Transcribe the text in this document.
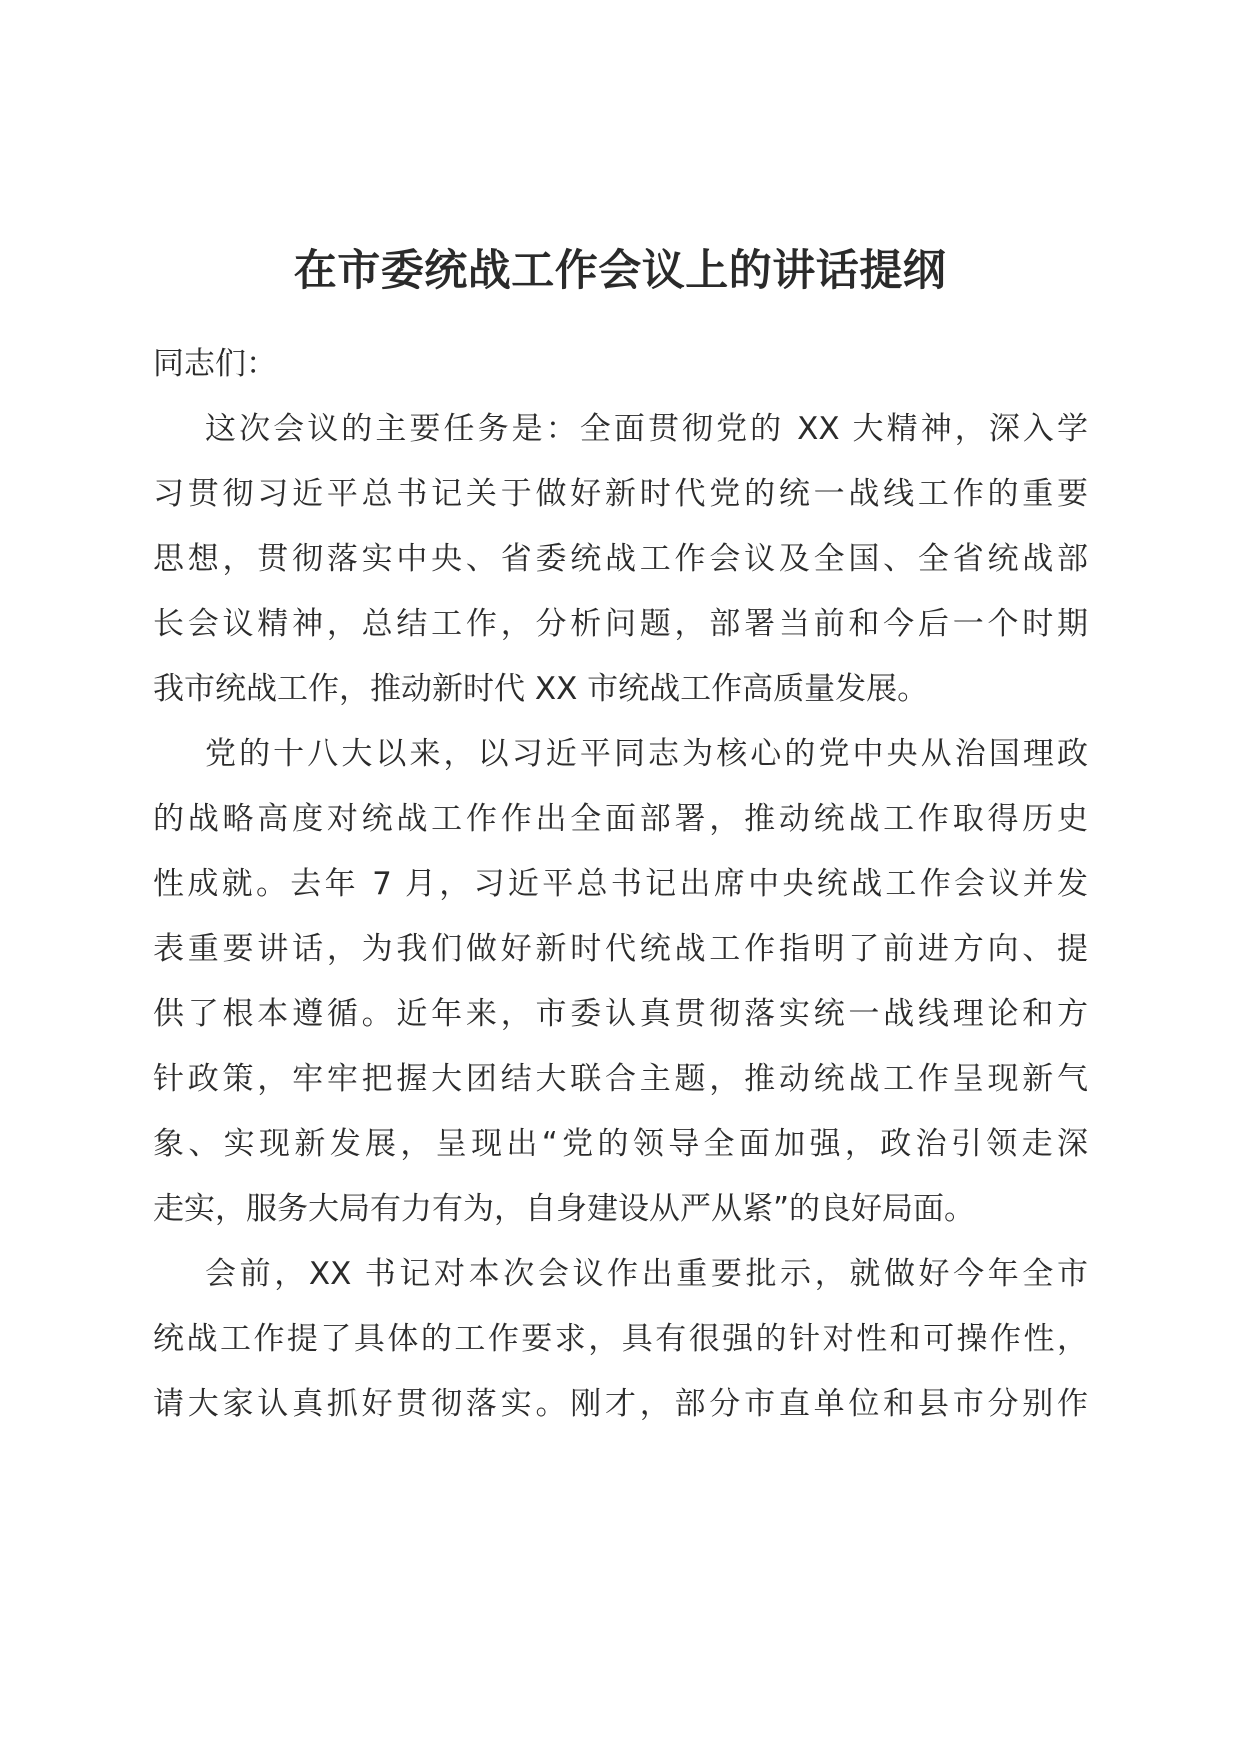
在市委统战工作会议上的讲话提纲

同志们：

这次会议的主要任务是：全面贯彻党的 XX 大精神，深入学
习贯彻习近平总书记关于做好新时代党的统一战线工作的重要
思想，贯彻落实中央、省委统战工作会议及全国、全省统战部
长会议精神，总结工作，分析问题，部署当前和今后一个时期
我市统战工作，推动新时代 XX 市统战工作高质量发展。
党的十八大以来，以习近平同志为核心的党中央从治国理政
的战略高度对统战工作作出全面部署，推动统战工作取得历史
性成就。去年 7 月，习近平总书记出席中央统战工作会议并发
表重要讲话，为我们做好新时代统战工作指明了前进方向、提
供了根本遵循。近年来，市委认真贯彻落实统一战线理论和方
针政策，牢牢把握大团结大联合主题，推动统战工作呈现新气
象、实现新发展，呈现出“党的领导全面加强，政治引领走深
走实，服务大局有力有为，自身建设从严从紧”的良好局面。
会前，XX 书记对本次会议作出重要批示，就做好今年全市
统战工作提了具体的工作要求，具有很强的针对性和可操作性，
请大家认真抓好贯彻落实。刚才，部分市直单位和县市分别作
